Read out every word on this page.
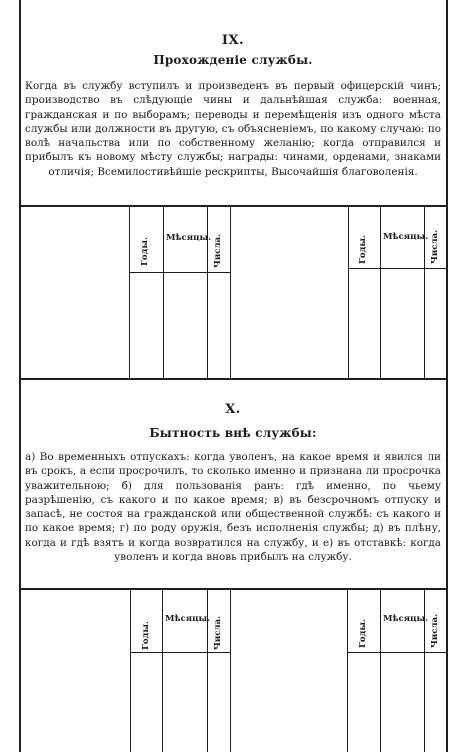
IX.
Прохожденіе службы.
Когда въ службу вступилъ и произведенъ въ первый офицерскій чинъ; производство въ слѣдующіе чины и дальнѣйшая служба: военная, гражданская и по выборамъ; переводы и перемѣщенія изъ одного мѣста службы или должности въ другую, съ объясненіемъ, по какому случаю: по волѣ начальства или по собственному желанію; когда отправился и прибылъ къ новому мѣсту службы; награды: чинами, орденами, знаками отличія; Всемилостивѣйшіе рескрипты, Высочайшія благоволенія.
Годы. Мѣсяцы. Числа.	Годы. Мѣсяцы. Числа.
X.
Бытность внѣ службы:
а) Во временныхъ отпускахъ: когда уволенъ, на какое время и явился ли въ срокъ, а если просрочилъ, то сколько именно и признана ли просрочка уважительною; б) для пользованія ранъ: гдѣ именно, по чьему разрѣшенію, съ какого и по какое время; в) въ безсрочномъ отпуску и запасѣ, не состоя на гражданской или общественной службѣ: съ какого и по какое время; г) по роду оружія, безъ исполненія службы; д) въ плѣну, когда и гдѣ взятъ и когда возвратился на службу, и е) въ отставкѣ: когда уволенъ и когда вновь прибылъ на службу.
Годы.
Мѣсяцы. Числа.	Годы. Мѣсяцы. Числа.
